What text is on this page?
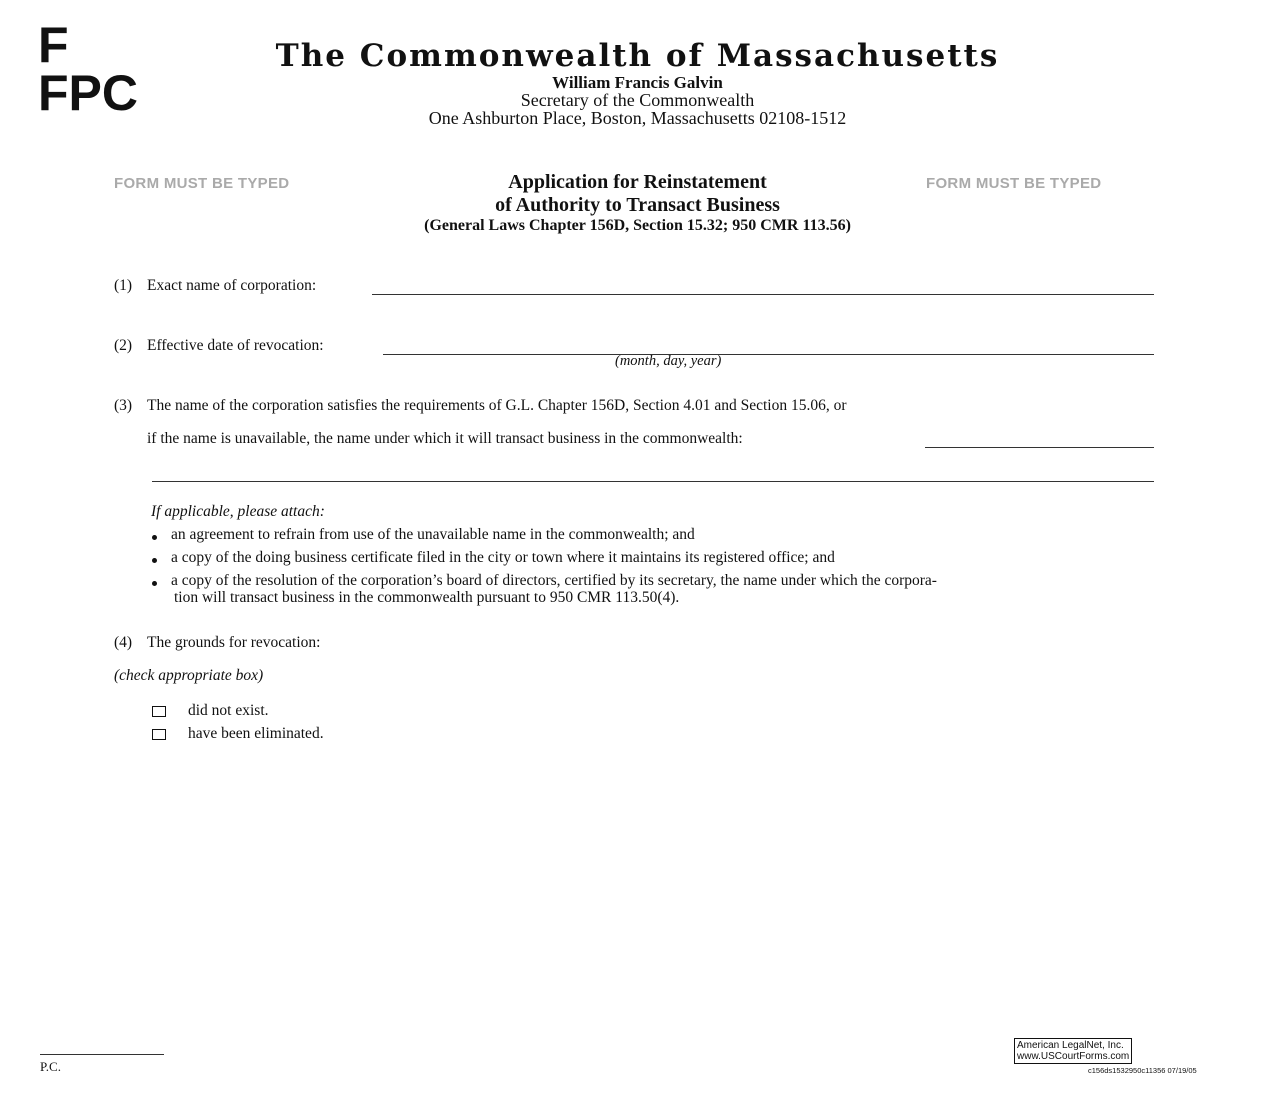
F
FPC
The Commonwealth of Massachusetts
William Francis Galvin
Secretary of the Commonwealth
One Ashburton Place, Boston, Massachusetts 02108-1512
FORM MUST BE TYPED	FORM MUST BE TYPED
Application for Reinstatement
of Authority to Transact Business
(General Laws Chapter 156D, Section 15.32; 950 CMR 113.56)
(1) Exact name of corporation:
(2) Effective date of revocation:
(month, day, year)
(3) The name of the corporation satisfies the requirements of G.L. Chapter 156D, Section 4.01 and Section 15.06, or
if the name is unavailable, the name under which it will transact business in the commonwealth:
If applicable, please attach:
an agreement to refrain from use of the unavailable name in the commonwealth; and
a copy of the doing business certificate filed in the city or town where it maintains its registered office; and
a copy of the resolution of the corporation’s board of directors, certified by its secretary, the name under which the corpora-
tion will transact business in the commonwealth pursuant to 950 CMR 113.50(4).
(4) The grounds for revocation:
(check appropriate box)
did not exist.
have been eliminated.
P.C.
American LegalNet, Inc.
www.USCourtForms.com
c156ds1532950c11356 07/19/05
